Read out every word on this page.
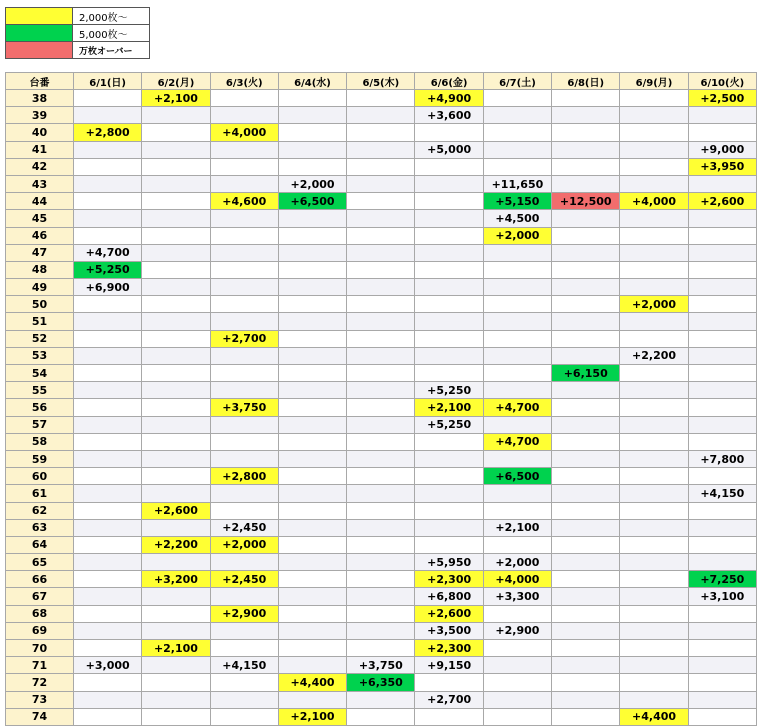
	2,000枚～
	5,000枚～
	万枚オーバー
台番	6/1(日)	6/2(月)	6/3(火)	6/4(水)	6/5(木)	6/6(金)	6/7(土)	6/8(日)	6/9(月)	6/10(火)
38		+2,100				+4,900				+2,500
39						+3,600				
40	+2,800		+4,000							
41						+5,000				+9,000
42										+3,950
43				+2,000			+11,650			
44			+4,600	+6,500			+5,150	+12,500	+4,000	+2,600
45							+4,500			
46							+2,000			
47	+4,700									
48	+5,250									
49	+6,900									
50									+2,000	
51										
52			+2,700							
53									+2,200	
54								+6,150		
55						+5,250				
56			+3,750			+2,100	+4,700			
57						+5,250				
58							+4,700			
59										+7,800
60			+2,800				+6,500			
61										+4,150
62		+2,600								
63			+2,450				+2,100			
64		+2,200	+2,000							
65						+5,950	+2,000			
66		+3,200	+2,450			+2,300	+4,000			+7,250
67						+6,800	+3,300			+3,100
68			+2,900			+2,600				
69						+3,500	+2,900			
70		+2,100				+2,300				
71	+3,000		+4,150		+3,750	+9,150				
72				+4,400	+6,350					
73						+2,700				
74				+2,100					+4,400	
